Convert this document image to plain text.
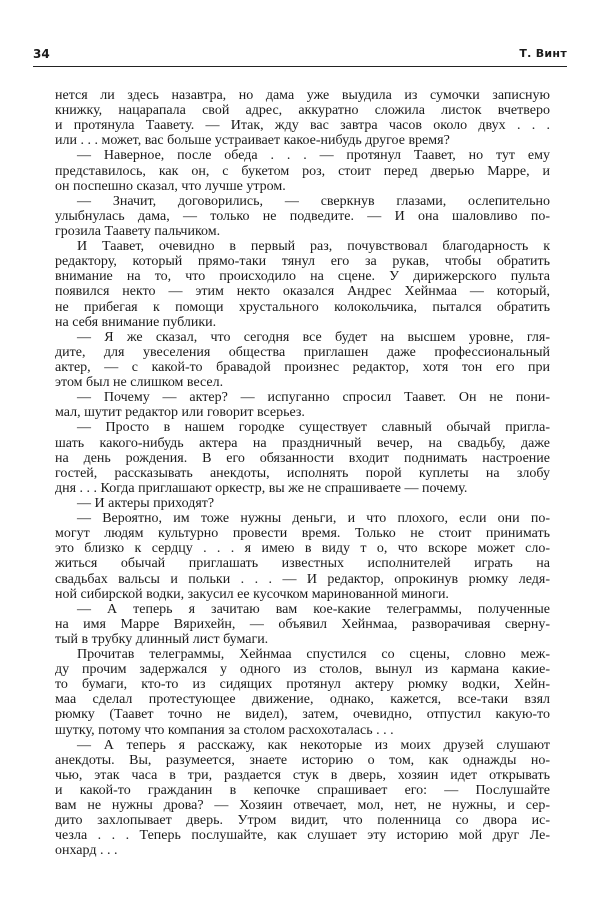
34	Т. Винт
нется ли здесь назавтра, но дама уже выудила из сумочки записную
книжку, нацарапала свой адрес, аккуратно сложила листок вчетверо
и протянула Таавету. — Итак, жду вас завтра часов около двух . . .
или . . . может, вас больше устраивает какое-нибудь другое время?
— Наверное, после обеда . . . — протянул Таавет, но тут ему
представилось, как он, с букетом роз, стоит перед дверью Марре, и
он поспешно сказал, что лучше утром.
— Значит, договорились, — сверкнув глазами, ослепительно
улыбнулась дама, — только не подведите. — И она шаловливо по-
грозила Таавету пальчиком.
И Таавет, очевидно в первый раз, почувствовал благодарность к
редактору, который прямо-таки тянул его за рукав, чтобы обратить
внимание на то, что происходило на сцене. У дирижерского пульта
появился некто — этим некто оказался Андрес Хейнмаа — который,
не прибегая к помощи хрустального колокольчика, пытался обратить
на себя внимание публики.
— Я же сказал, что сегодня все будет на высшем уровне, гля-
дите, для увеселения общества приглашен даже профессиональный
актер, — с какой-то бравадой произнес редактор, хотя тон его при
этом был не слишком весел.
— Почему — актер? — испуганно спросил Таавет. Он не пони-
мал, шутит редактор или говорит всерьез.
— Просто в нашем городке существует славный обычай пригла-
шать какого-нибудь актера на праздничный вечер, на свадьбу, даже
на день рождения. В его обязанности входит поднимать настроение
гостей, рассказывать анекдоты, исполнять порой куплеты на злобу
дня . . . Когда приглашают оркестр, вы же не спрашиваете — почему.
— И актеры приходят?
— Вероятно, им тоже нужны деньги, и что плохого, если они по-
могут людям культурно провести время. Только не стоит принимать
это близко к сердцу . . . я имею в виду т о, что вскоре может сло-
житься обычай приглашать известных исполнителей играть на
свадьбах вальсы и польки . . . — И редактор, опрокинув рюмку ледя-
ной сибирской водки, закусил ее кусочком маринованной миноги.
— А теперь я зачитаю вам кое-какие телеграммы, полученные
на имя Марре Вярихейн, — объявил Хейнмаа, разворачивая сверну-
тый в трубку длинный лист бумаги.
Прочитав телеграммы, Хейнмаа спустился со сцены, словно меж-
ду прочим задержался у одного из столов, вынул из кармана какие-
то бумаги, кто-то из сидящих протянул актеру рюмку водки, Хейн-
маа сделал протестующее движение, однако, кажется, все-таки взял
рюмку (Таавет точно не видел), затем, очевидно, отпустил какую-то
шутку, потому что компания за столом расхохоталась . . .
— А теперь я расскажу, как некоторые из моих друзей слушают
анекдоты. Вы, разумеется, знаете историю о том, как однажды но-
чью, этак часа в три, раздается стук в дверь, хозяин идет открывать
и какой-то гражданин в кепочке спрашивает его: — Послушайте
вам не нужны дрова? — Хозяин отвечает, мол, нет, не нужны, и сер-
дито захлопывает дверь. Утром видит, что поленница со двора ис-
чезла . . . Теперь послушайте, как слушает эту историю мой друг Ле-
онхард . . .
